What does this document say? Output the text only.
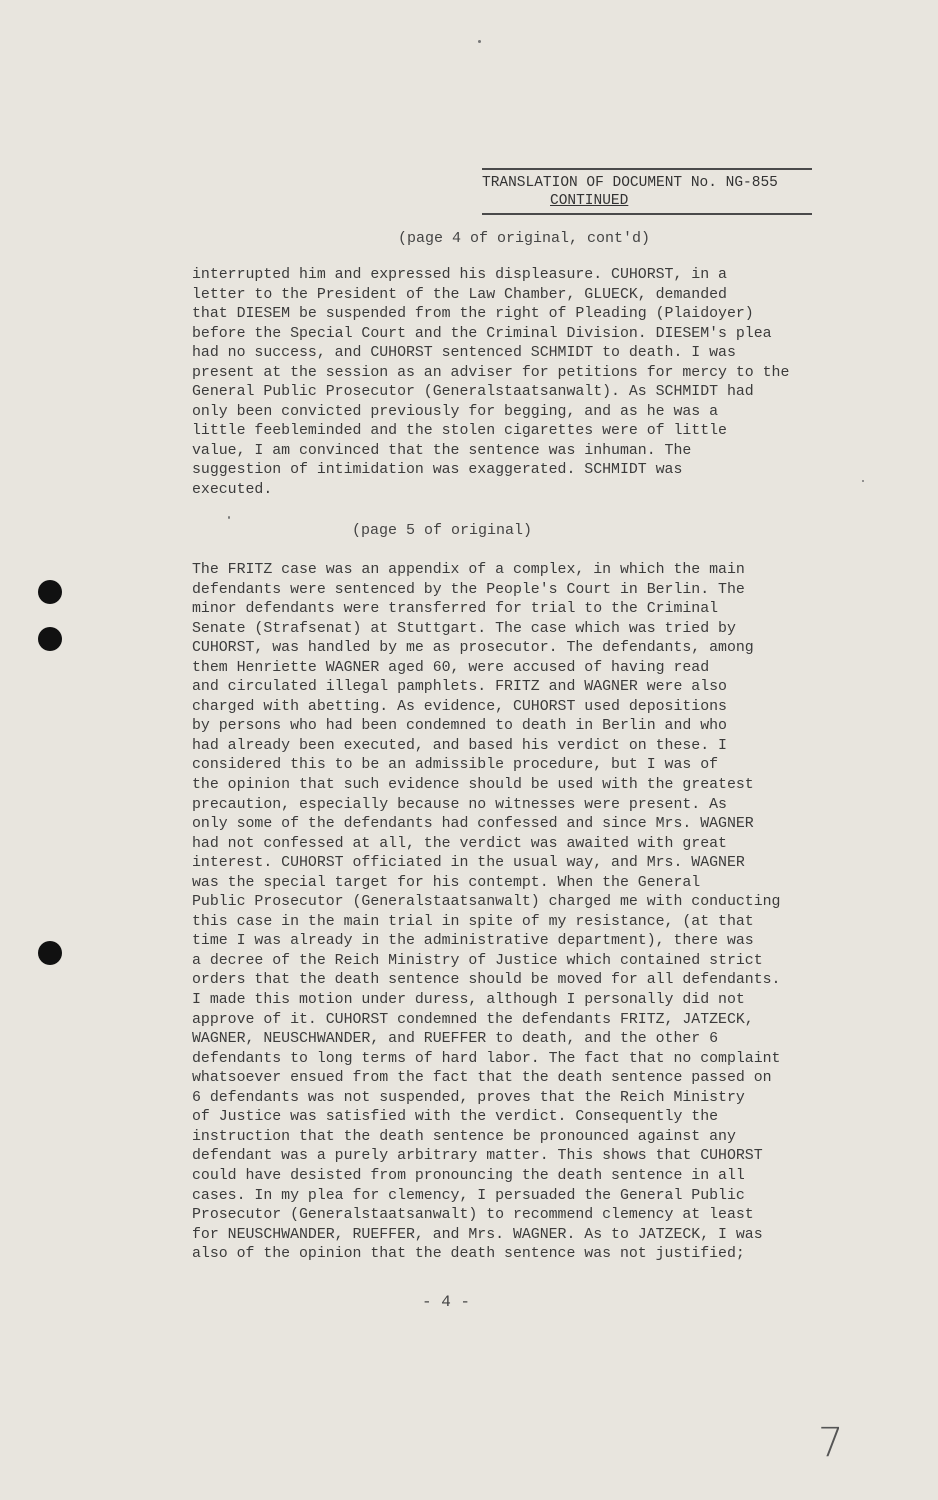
TRANSLATION OF DOCUMENT No. NG-855
CONTINUED
(page 4 of original, cont'd)
interrupted him and expressed his displeasure. CUHORST, in a
letter to the President of the Law Chamber, GLUECK, demanded
that DIESEM be suspended from the right of Pleading (Plaidoyer)
before the Special Court and the Criminal Division. DIESEM's plea
had no success, and CUHORST sentenced SCHMIDT to death. I was
present at the session as an adviser for petitions for mercy to the
General Public Prosecutor (Generalstaatsanwalt). As SCHMIDT had
only been convicted previously for begging, and as he was a
little feebleminded and the stolen cigarettes were of little
value, I am convinced that the sentence was inhuman. The
suggestion of intimidation was exaggerated. SCHMIDT was
executed.
(page 5 of original)
The FRITZ case was an appendix of a complex, in which the main
defendants were sentenced by the People's Court in Berlin. The
minor defendants were transferred for trial to the Criminal
Senate (Strafsenat) at Stuttgart. The case which was tried by
CUHORST, was handled by me as prosecutor. The defendants, among
them Henriette WAGNER aged 60, were accused of having read
and circulated illegal pamphlets. FRITZ and WAGNER were also
charged with abetting. As evidence, CUHORST used depositions
by persons who had been condemned to death in Berlin and who
had already been executed, and based his verdict on these. I
considered this to be an admissible procedure, but I was of
the opinion that such evidence should be used with the greatest
precaution, especially because no witnesses were present. As
only some of the defendants had confessed and since Mrs. WAGNER
had not confessed at all, the verdict was awaited with great
interest. CUHORST officiated in the usual way, and Mrs. WAGNER
was the special target for his contempt. When the General
Public Prosecutor (Generalstaatsanwalt) charged me with conducting
this case in the main trial in spite of my resistance, (at that
time I was already in the administrative department), there was
a decree of the Reich Ministry of Justice which contained strict
orders that the death sentence should be moved for all defendants.
I made this motion under duress, although I personally did not
approve of it. CUHORST condemned the defendants FRITZ, JATZECK,
WAGNER, NEUSCHWANDER, and RUEFFER to death, and the other 6
defendants to long terms of hard labor. The fact that no complaint
whatsoever ensued from the fact that the death sentence passed on
6 defendants was not suspended, proves that the Reich Ministry
of Justice was satisfied with the verdict. Consequently the
instruction that the death sentence be pronounced against any
defendant was a purely arbitrary matter. This shows that CUHORST
could have desisted from pronouncing the death sentence in all
cases. In my plea for clemency, I persuaded the General Public
Prosecutor (Generalstaatsanwalt) to recommend clemency at least
for NEUSCHWANDER, RUEFFER, and Mrs. WAGNER. As to JATZECK, I was
also of the opinion that the death sentence was not justified;
- 4 -
7
